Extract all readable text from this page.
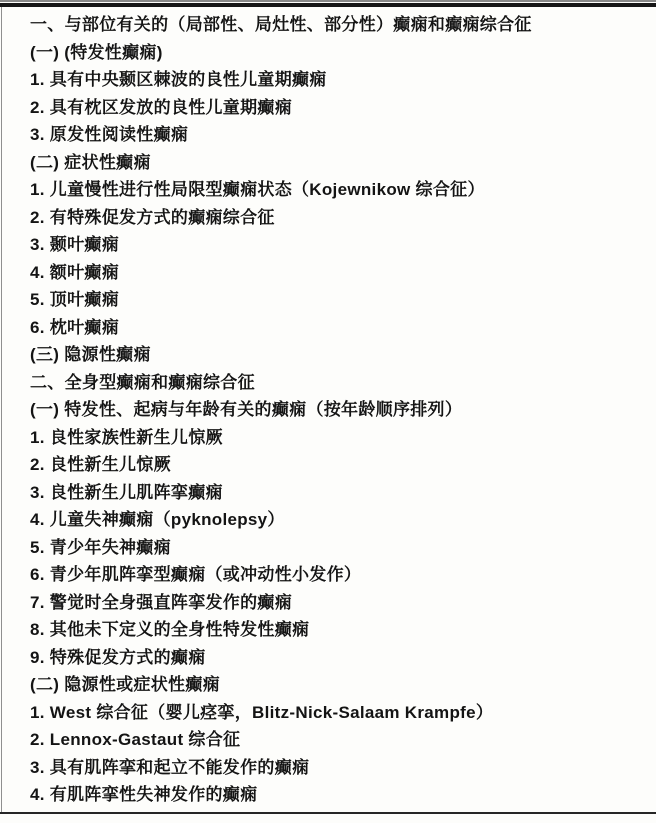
一、与部位有关的（局部性、局灶性、部分性）癫痫和癫痫综合征
(一) (特发性癫痫)
1. 具有中央颞区棘波的良性儿童期癫痫
2. 具有枕区发放的良性儿童期癫痫
3. 原发性阅读性癫痫
(二) 症状性癫痫
1. 儿童慢性进行性局限型癫痫状态（Kojewnikow 综合征）
2. 有特殊促发方式的癫痫综合征
3. 颞叶癫痫
4. 额叶癫痫
5. 顶叶癫痫
6. 枕叶癫痫
(三) 隐源性癫痫
二、全身型癫痫和癫痫综合征
(一) 特发性、起病与年龄有关的癫痫（按年龄顺序排列）
1. 良性家族性新生儿惊厥
2. 良性新生儿惊厥
3. 良性新生儿肌阵挛癫痫
4. 儿童失神癫痫（pyknolepsy）
5. 青少年失神癫痫
6. 青少年肌阵挛型癫痫（或冲动性小发作）
7. 警觉时全身强直阵挛发作的癫痫
8. 其他未下定义的全身性特发性癫痫
9. 特殊促发方式的癫痫
(二) 隐源性或症状性癫痫
1. West 综合征（婴儿痉挛，Blitz-Nick-Salaam Krampfe）
2. Lennox-Gastaut 综合征
3. 具有肌阵挛和起立不能发作的癫痫
4. 有肌阵挛性失神发作的癫痫
